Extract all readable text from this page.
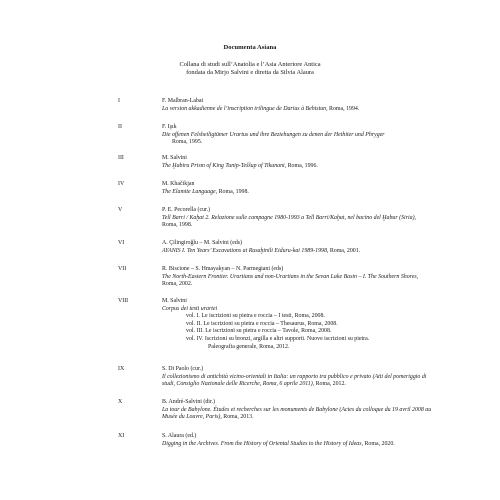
Documenta Asiana

Collana di studi sull’Anatolia e l’Asia Anteriore Antica

fondata da Mirjo Salvini e diretta da Silvia Alaura

I	F. Malbran-Labat
La version akkadienne de l’inscription trilingue de Darius à Behistun, Roma, 1994.
II	F. Işık
Die offenen Felsheiligtümer Urartus und ihre Beziehungen zu denen der Hethiter und Phryger
Roma, 1995.
III	M. Salvini
The Ḫabiru Prism of King Tunip-Teššup of Tikunani, Roma, 1996.
IV	M. Khačikjan
The Elamite Language, Roma, 1998.
V	P. E. Pecorella (cur.)
Tell Barri / Kaḫat 2. Relazione sulle campagne 1980-1993 a Tell Barri/Kaḫat, nel bacino del Ḫabur (Siria), Roma, 1998.
VI	A. Çilingiroğlu – M. Salvini (eds)
AYANIS I. Ten Years’ Excavations at Rusaḫinili Eiduru-kai 1989-1998, Roma, 2001.
VII	R. Biscione – S. Hmayakyan – N. Parmegiani (eds)
The North-Eastern Frontier. Urartians and non-Urartians in the Sevan Lake Basin – I. The Southern Shores, Roma, 2002.
VIII	M. Salvini
Corpus dei testi urartei
vol. I. Le iscrizioni su pietra e roccia – I testi, Roma, 2008.
vol. II. Le iscrizioni su pietra e roccia – Thesaurus, Roma, 2008.
vol. III. Le iscrizioni su pietra e roccia – Tavole, Roma, 2008.
vol. IV. Iscrizioni su bronzi, argilla e altri supporti. Nuove iscrizioni su pietra.
Paleografia generale, Roma, 2012.
IX	S. Di Paolo (cur.)
Il collezionismo di antichità vicino-orientali in Italia: un rapporto tra pubblico e privato (Atti del pomeriggio di studi, Consiglio Nazionale delle Ricerche, Roma, 6 aprile 2011), Roma, 2012.
X	B. André-Salvini (dir.)
La tour de Babylone. Études et recherches sur les monuments de Babylone (Actes du colloque du 19 avril 2008 au Musée du Louvre, Paris), Roma, 2013.
XI	S. Alaura (ed.)
Digging in the Archives. From the History of Oriental Studies to the History of Ideas, Roma, 2020.
